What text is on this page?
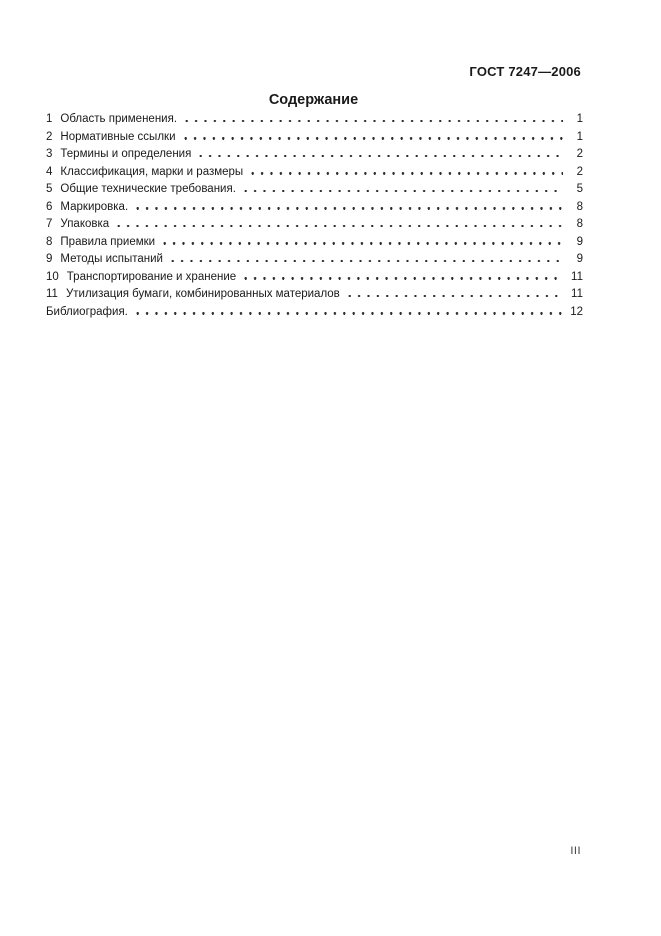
ГОСТ 7247—2006
Содержание
1 Область применения.	1
2 Нормативные ссылки	1
3 Термины и определения	2
4 Классификация, марки и размеры	2
5 Общие технические требования.	5
6 Маркировка.	8
7 Упаковка	8
8 Правила приемки	9
9 Методы испытаний	9
10 Транспортирование и хранение	11
11 Утилизация бумаги, комбинированных материалов	11
Библиография.	12
III
